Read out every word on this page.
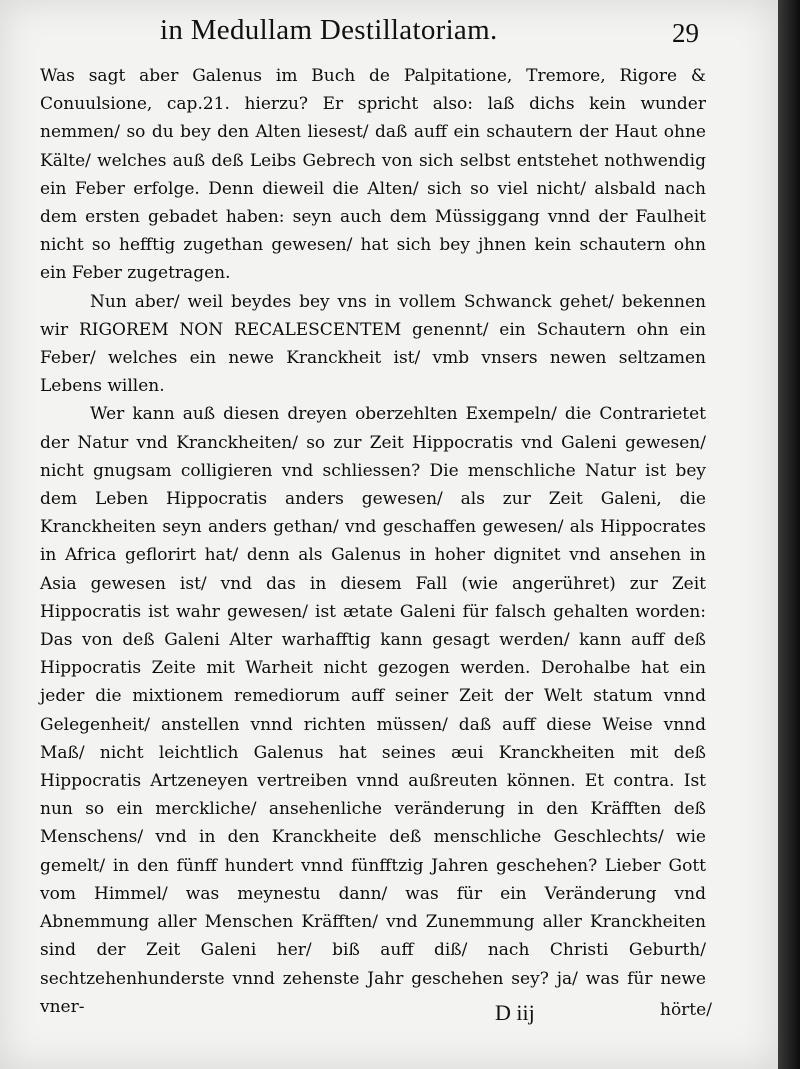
in Medullam Destillatoriam.	29

Was sagt aber Galenus im Buch de Palpitatione, Tremore, Rigore & Conuulsione, cap.21. hierzu? Er spricht also: laß dichs kein wunder nemmen/ so du bey den Alten liesest/ daß auff ein schautern der Haut ohne Kälte/ welches auß deß Leibs Gebrech von sich selbst entstehet nothwendig ein Feber erfolge. Denn dieweil die Alten/ sich so viel nicht/ alsbald nach dem ersten gebadet haben: seyn auch dem Müssiggang vnnd der Faulheit nicht so hefftig zugethan gewesen/ hat sich bey jhnen kein schautern ohn ein Feber zugetragen.

Nun aber/ weil beydes bey vns in vollem Schwanck gehet/ bekennen wir RIGOREM NON RECALESCENTEM genennt/ ein Schautern ohn ein Feber/ welches ein newe Kranckheit ist/ vmb vnsers newen seltzamen Lebens willen.

Wer kann auß diesen dreyen oberzehlten Exempeln/ die Contrarietet der Natur vnd Kranckheiten/ so zur Zeit Hippocratis vnd Galeni gewesen/ nicht gnugsam colligieren vnd schliessen? Die menschliche Natur ist bey dem Leben Hippocratis anders gewesen/ als zur Zeit Galeni, die Kranckheiten seyn anders gethan/ vnd geschaffen gewesen/ als Hippocrates in Africa geflorirt hat/ denn als Galenus in hoher dignitet vnd ansehen in Asia gewesen ist/ vnd das in diesem Fall (wie angerühret) zur Zeit Hippocratis ist wahr gewesen/ ist ætate Galeni für falsch gehalten worden: Das von deß Galeni Alter warhafftig kann gesagt werden/ kann auff deß Hippocratis Zeite mit Warheit nicht gezogen werden. Derohalbe hat ein jeder die mixtionem remediorum auff seiner Zeit der Welt statum vnnd Gelegenheit/ anstellen vnnd richten müssen/ daß auff diese Weise vnnd Maß/ nicht leichtlich Galenus hat seines æui Kranckheiten mit deß Hippocratis Artzeneyen vertreiben vnnd außreuten können. Et contra. Ist nun so ein merckliche/ ansehenliche veränderung in den Kräfften deß Menschens/ vnd in den Kranckheite deß menschliche Geschlechts/ wie gemelt/ in den fünff hundert vnnd fünfftzig Jahren geschehen? Lieber Gott vom Himmel/ was meynestu dann/ was für ein Veränderung vnd Abnemmung aller Menschen Kräfften/ vnd Zunemmung aller Kranckheiten sind der Zeit Galeni her/ biß auff diß/ nach Christi Geburth/ sechtzehenhunderste vnnd zehenste Jahr geschehen sey? ja/ was für newe vner-	D iij	hörte/
